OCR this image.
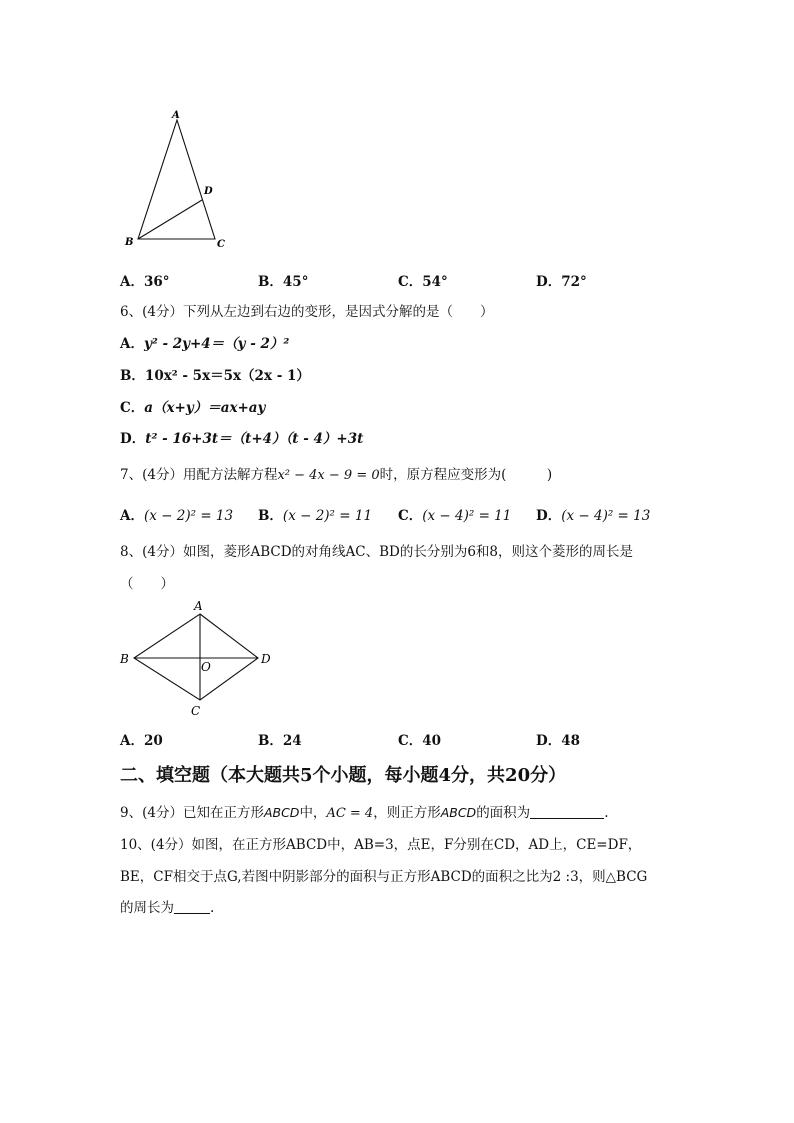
A
B	C
D
A．36°	B．45°	C．54°	D．72°
6、(4分）下列从左边到右边的变形，是因式分解的是（　　）
A．y² - 2y+4＝（y - 2）²
B．10x² - 5x＝5x（2x - 1）
C．a（x+y）＝ax+ay
D．t² - 16+3t＝（t+4）（t - 4）+3t
7、(4分）用配方法解方程x² − 4x − 9 = 0时，原方程应变形为(　　　)
A．(x − 2)² = 13 B．(x − 2)² = 11 C．(x − 4)² = 11 D．(x − 4)² = 13
8、(4分）如图，菱形ABCD的对角线AC、BD的长分别为6和8，则这个菱形的周长是
（　　）
A
B	D
C
O
A．20	B．24	C．40	D．48
二、填空题（本大题共5个小题，每小题4分，共20分）
9、(4分）已知在正方形ABCD中，AC = 4，则正方形ABCD的面积为	.
10、(4分）如图，在正方形ABCD中，AB=3，点E，F分别在CD，AD上，CE=DF，
BE，CF相交于点G,若图中阴影部分的面积与正方形ABCD的面积之比为2 :3，则△BCG
的周长为	.
